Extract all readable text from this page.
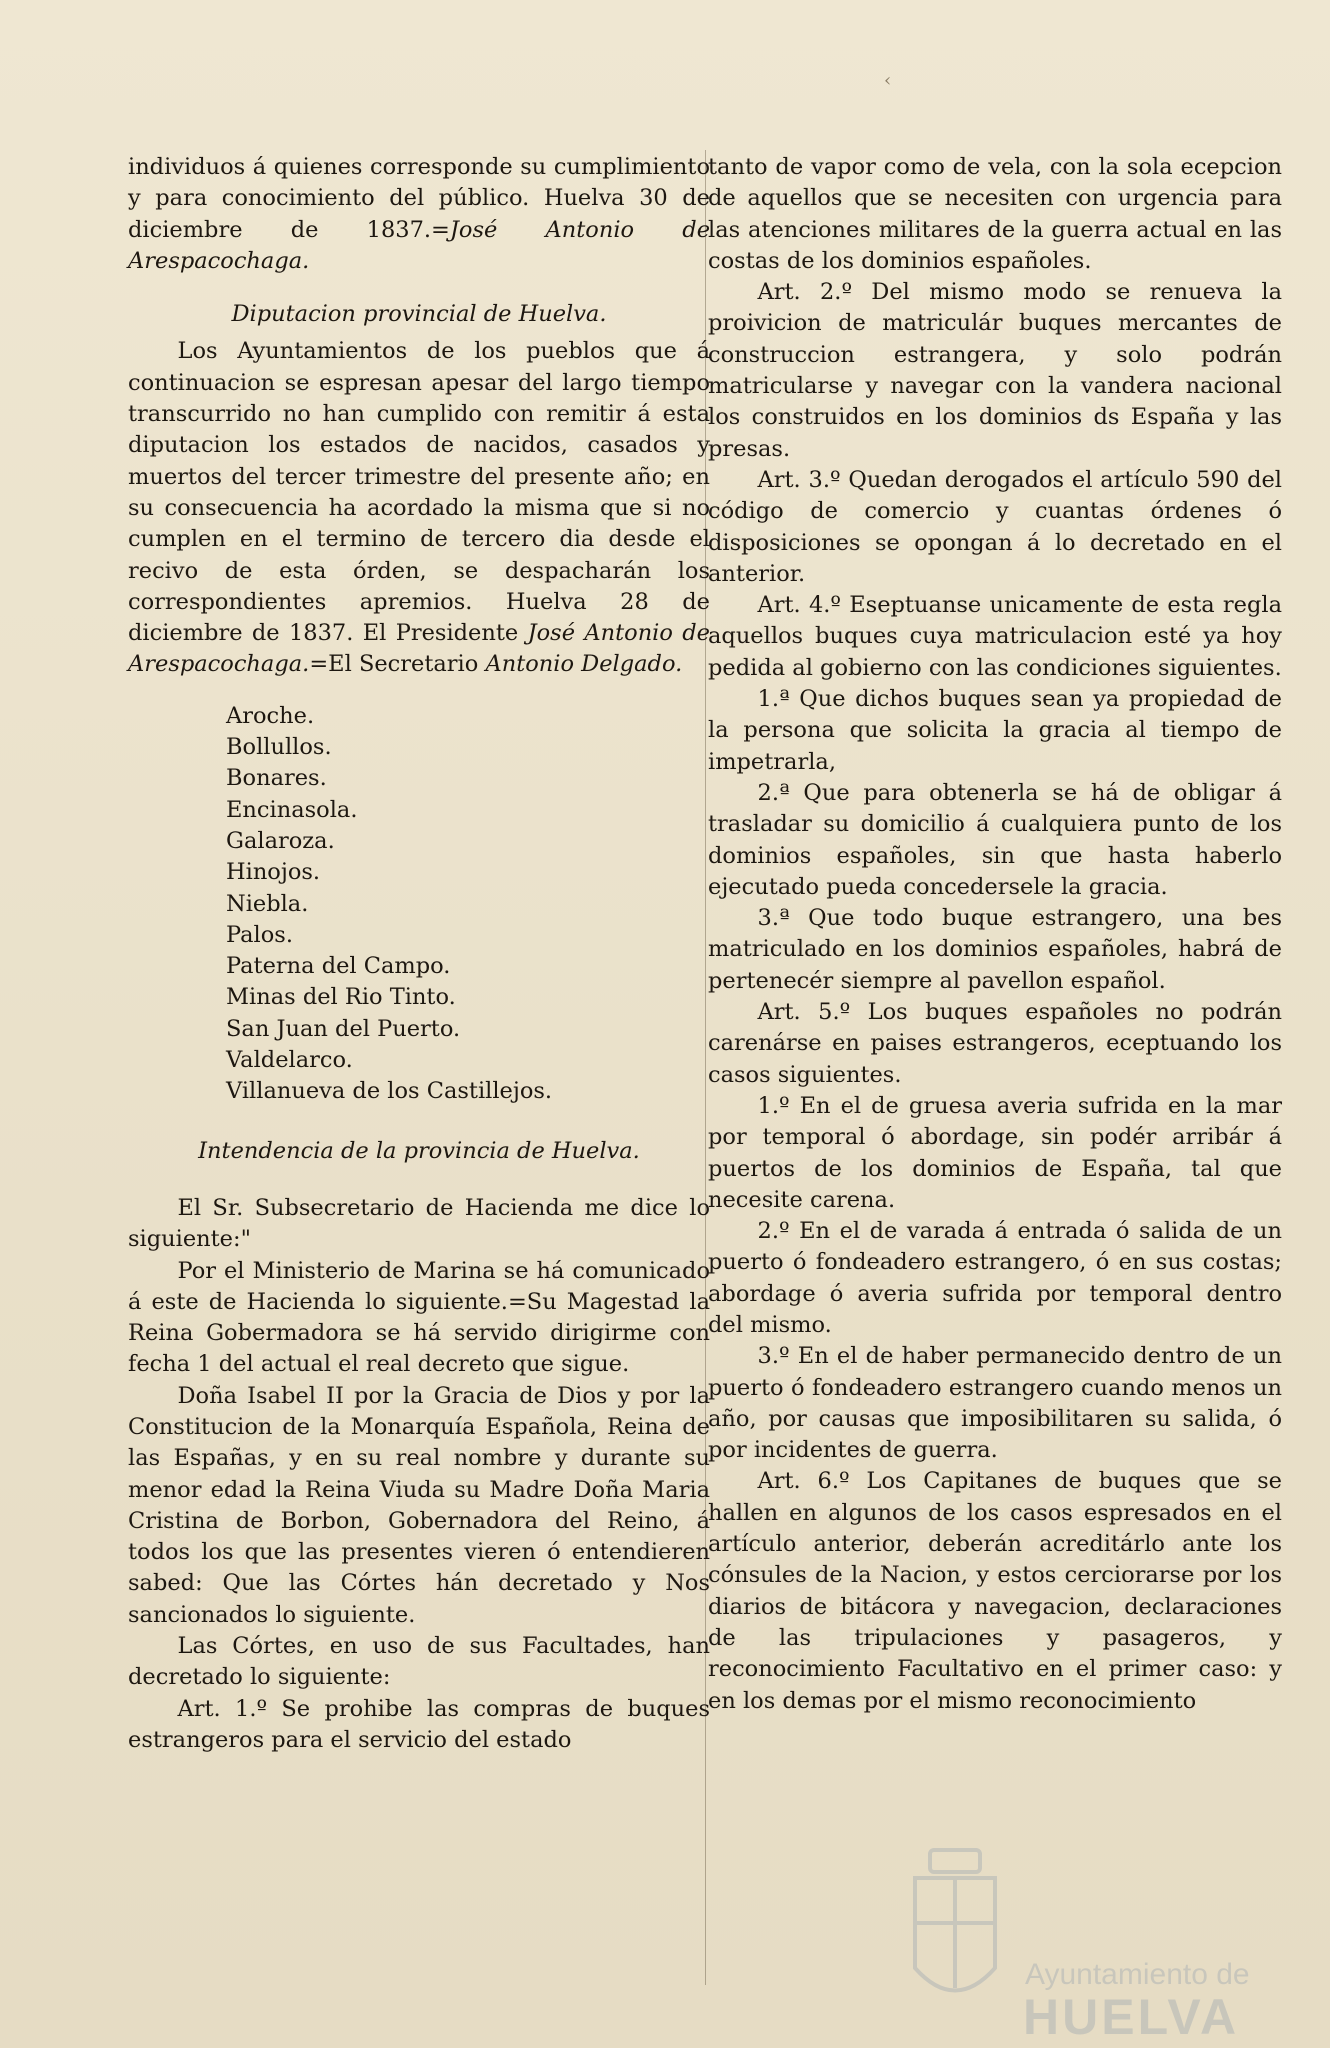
‹

individuos á quienes corresponde su cumplimiento y para conocimiento del público. Huelva 30 de diciembre de 1837.=José Antonio de Arespacochaga.

Diputacion provincial de Huelva.

Los Ayuntamientos de los pueblos que á continuacion se espresan apesar del largo tiempo transcurrido no han cumplido con remitir á esta diputacion los estados de nacidos, casados y muertos del tercer trimestre del presente año; en su consecuencia ha acordado la misma que si no cumplen en el termino de tercero dia desde el recivo de esta órden, se despacharán los correspondientes apremios. Huelva 28 de diciembre de 1837. El Presidente José Antonio de Arespacochaga.=El Secretario Antonio Delgado.

Aroche.
Bollullos.
Bonares.
Encinasola.
Galaroza.
Hinojos.
Niebla.
Palos.
Paterna del Campo.
Minas del Rio Tinto.
San Juan del Puerto.
Valdelarco.
Villanueva de los Castillejos.

Intendencia de la provincia de Huelva.

El Sr. Subsecretario de Hacienda me dice lo siguiente:"

Por el Ministerio de Marina se há comunicado á este de Hacienda lo siguiente.=Su Magestad la Reina Gobermadora se há servido dirigirme con fecha 1 del actual el real decreto que sigue.

Doña Isabel II por la Gracia de Dios y por la Constitucion de la Monarquía Española, Reina de las Españas, y en su real nombre y durante su menor edad la Reina Viuda su Madre Doña Maria Cristina de Borbon, Gobernadora del Reino, á todos los que las presentes vieren ó entendieren sabed: Que las Córtes hán decretado y Nos sancionados lo siguiente.

Las Córtes, en uso de sus Facultades, han decretado lo siguiente:

Art. 1.º Se prohibe las compras de buques estrangeros para el servicio del estado

tanto de vapor como de vela, con la sola ecepcion de aquellos que se necesiten con urgencia para las atenciones militares de la guerra actual en las costas de los dominios españoles.

Art. 2.º Del mismo modo se renueva la proivicion de matriculár buques mercantes de construccion estrangera, y solo podrán matricularse y navegar con la vandera nacional los construidos en los dominios ds España y las presas.

Art. 3.º Quedan derogados el artículo 590 del código de comercio y cuantas órdenes ó disposiciones se opongan á lo decretado en el anterior.

Art. 4.º Eseptuanse unicamente de esta regla aquellos buques cuya matriculacion esté ya hoy pedida al gobierno con las condiciones siguientes.

1.ª Que dichos buques sean ya propiedad de la persona que solicita la gracia al tiempo de impetrarla,

2.ª Que para obtenerla se há de obligar á trasladar su domicilio á cualquiera punto de los dominios españoles, sin que hasta haberlo ejecutado pueda concedersele la gracia.

3.ª Que todo buque estrangero, una bes matriculado en los dominios españoles, habrá de pertenecér siempre al pavellon español.

Art. 5.º Los buques españoles no podrán carenárse en paises estrangeros, eceptuando los casos siguientes.

1.º En el de gruesa averia sufrida en la mar por temporal ó abordage, sin podér arribár á puertos de los dominios de España, tal que necesite carena.

2.º En el de varada á entrada ó salida de un puerto ó fondeadero estrangero, ó en sus costas; abordage ó averia sufrida por temporal dentro del mismo.

3.º En el de haber permanecido dentro de un puerto ó fondeadero estrangero cuando menos un año, por causas que imposibilitaren su salida, ó por incidentes de guerra.

Art. 6.º Los Capitanes de buques que se hallen en algunos de los casos espresados en el artículo anterior, deberán acreditárlo ante los cónsules de la Nacion, y estos cerciorarse por los diarios de bitácora y navegacion, declaraciones de las tripulaciones y pasageros, y reconocimiento Facultativo en el primer caso: y en los demas por el mismo reconocimiento

Ayuntamiento de
HUELVA
